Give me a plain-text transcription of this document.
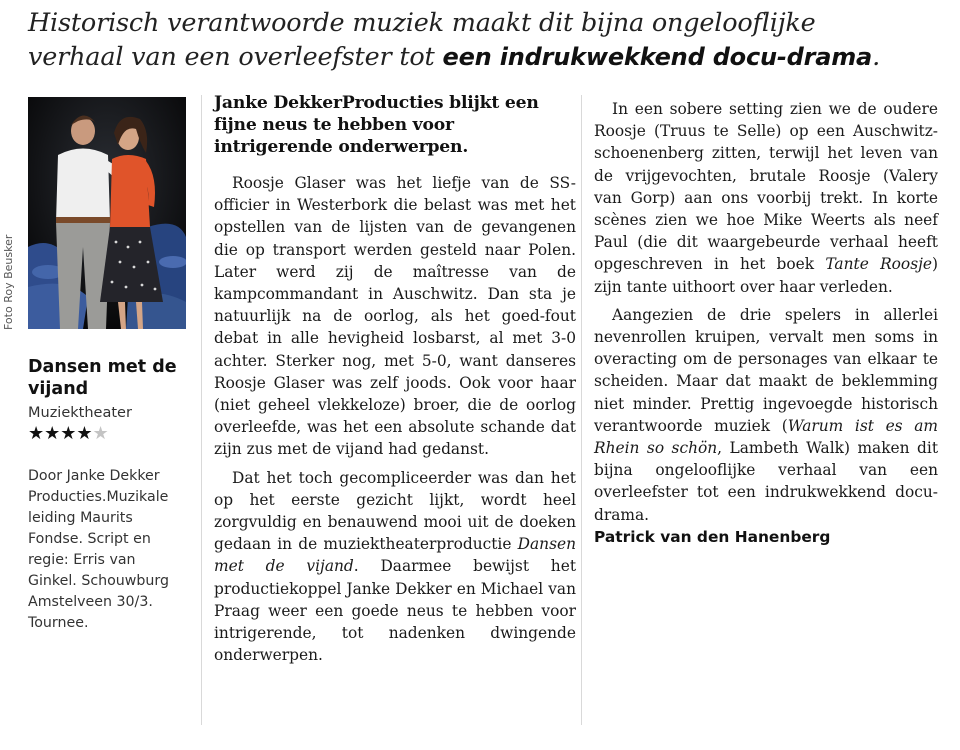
Historisch verantwoorde muziek maakt dit bijna ongelooflijke
verhaal van een overleefster tot een indrukwekkend docu-drama.
Foto Roy Beusker
Dansen met de vijand
Muziektheater
★★★★★
Door Janke Dekker Producties.Muzikale leiding Maurits Fondse. Script en regie: Erris van Ginkel. Schouwburg Amstelveen 30/3. Tournee.

Janke DekkerProducties blijkt een fijne neus te hebben voor intrigerende onderwerpen.

Roosje Glaser was het liefje van de SS-officier in Westerbork die belast was met het opstellen van de lijsten van de gevangenen die op transport werden gesteld naar Polen. Later werd zij de maîtresse van de kampcommandant in Auschwitz. Dan sta je natuurlijk na de oorlog, als het goed-fout debat in alle hevigheid losbarst, al met 3-0 achter. Sterker nog, met 5-0, want danseres Roosje Glaser was zelf joods. Ook voor haar (niet geheel vlekkeloze) broer, die de oorlog overleefde, was het een absolute schande dat zijn zus met de vijand had gedanst.

Dat het toch gecompliceerder was dan het op het eerste gezicht lijkt, wordt heel zorgvuldig en benauwend mooi uit de doeken gedaan in de muziektheaterproductie Dansen met de vijand. Daarmee bewijst het productiekoppel Janke Dekker en Michael van Praag weer een goede neus te hebben voor intrigerende, tot nadenken dwingende onderwerpen.

In een sobere setting zien we de oudere Roosje (Truus te Selle) op een Auschwitz-schoenenberg zitten, terwijl het leven van de vrijgevochten, brutale Roosje (Valery van Gorp) aan ons voorbij trekt. In korte scènes zien we hoe Mike Weerts als neef Paul (die dit waargebeurde verhaal heeft opgeschreven in het boek Tante Roosje) zijn tante uithoort over haar verleden.

Aangezien de drie spelers in allerlei nevenrollen kruipen, vervalt men soms in overacting om de personages van elkaar te scheiden. Maar dat maakt de beklemming niet minder. Prettig ingevoegde historisch verantwoorde muziek (Warum ist es am Rhein so schön, Lambeth Walk) maken dit bijna ongelooflijke verhaal van een overleefster tot een indrukwekkend docu-drama.

Patrick van den Hanenberg
